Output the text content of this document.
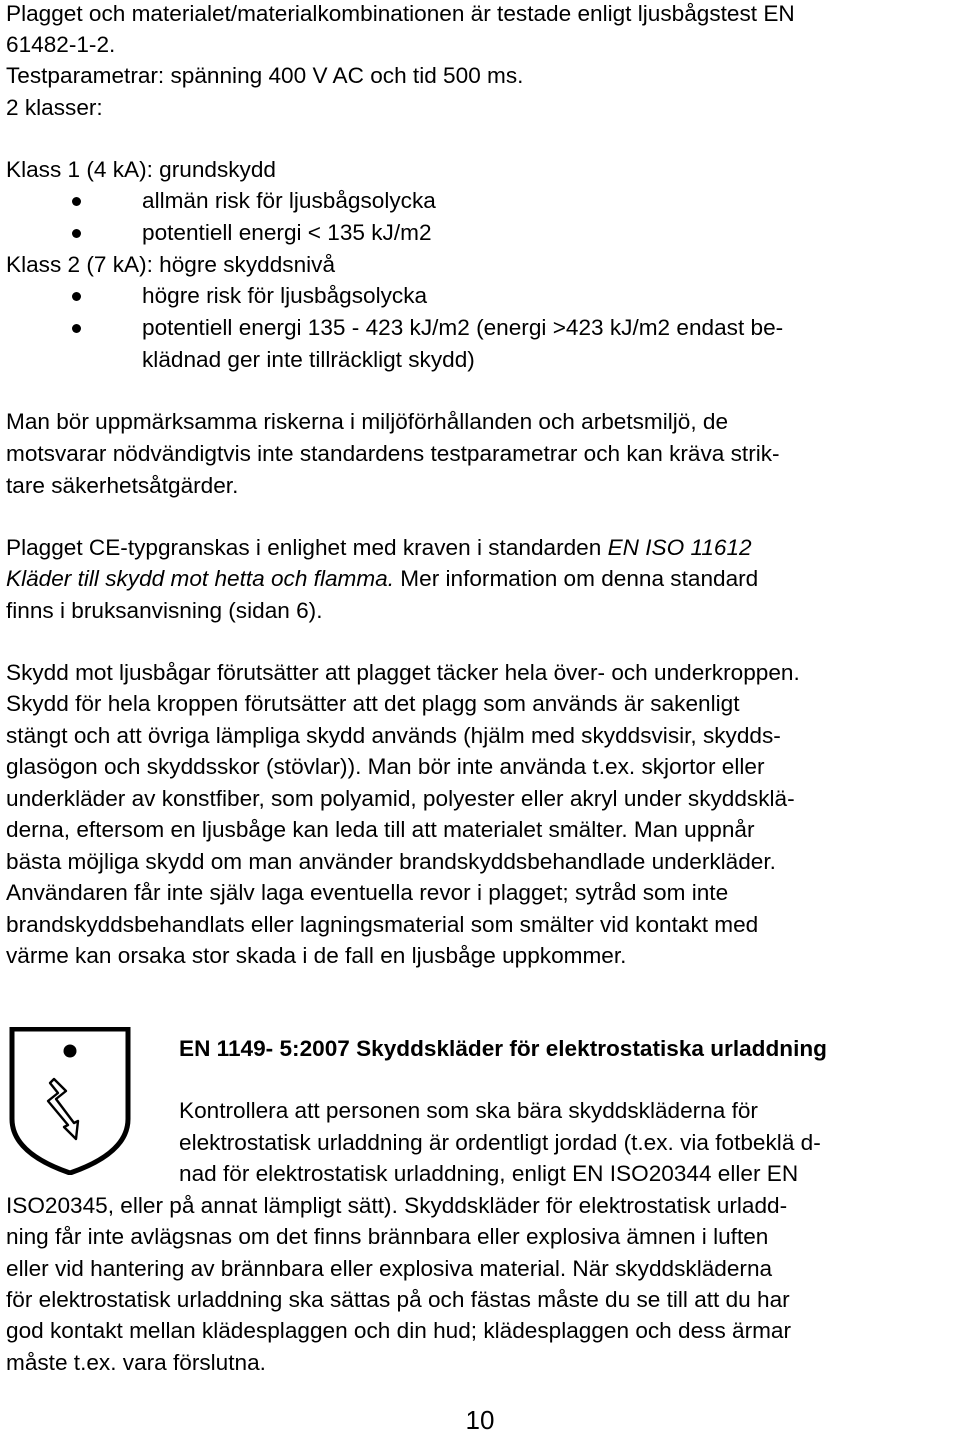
Plagget och materialet/materialkombinationen är testade enligt ljusbågstest EN

61482-1-2.

Testparametrar: spänning 400 V AC och tid 500 ms.

2 klasser:

Klass 1 (4 kA): grundskydd

allmän risk för ljusbågsolycka

potentiell energi < 135 kJ/m2

Klass 2 (7 kA): högre skyddsnivå

högre risk för ljusbågsolycka

potentiell energi 135 - 423 kJ/m2 (energi >423 kJ/m2 endast be-

klädnad ger inte tillräckligt skydd)

Man bör uppmärksamma riskerna i miljöförhållanden och arbetsmiljö, de

motsvarar nödvändigtvis inte standardens testparametrar och kan kräva strik-

tare säkerhetsåtgärder.

Plagget CE-typgranskas i enlighet med kraven i standarden EN ISO 11612

Kläder till skydd mot hetta och flamma. Mer information om denna standard

finns i bruksanvisning (sidan 6).

Skydd mot ljusbågar förutsätter att plagget täcker hela över- och underkroppen.

Skydd för hela kroppen förutsätter att det plagg som används är sakenligt

stängt och att övriga lämpliga skydd används (hjälm med skyddsvisir, skydds-

glasögon och skyddsskor (stövlar)). Man bör inte använda t.ex. skjortor eller

underkläder av konstfiber, som polyamid, polyester eller akryl under skyddsklä-

derna, eftersom en ljusbåge kan leda till att materialet smälter. Man uppnår

bästa möjliga skydd om man använder brandskyddsbehandlade underkläder.

Användaren får inte själv laga eventuella revor i plagget; sytråd som inte

brandskyddsbehandlats eller lagningsmaterial som smälter vid kontakt med

värme kan orsaka stor skada i de fall en ljusbåge uppkommer.

EN 1149- 5:2007 Skyddskläder för elektrostatiska urladdning

Kontrollera att personen som ska bära skyddskläderna för

elektrostatisk urladdning är ordentligt jordad (t.ex. via fotbeklä d-

nad för elektrostatisk urladdning, enligt EN ISO20344 eller EN

ISO20345, eller på annat lämpligt sätt). Skyddskläder för elektrostatisk urladd-

ning får inte avlägsnas om det finns brännbara eller explosiva ämnen i luften

eller vid hantering av brännbara eller explosiva material. När skyddskläderna

för elektrostatisk urladdning ska sättas på och fästas måste du se till att du har

god kontakt mellan klädesplaggen och din hud; klädesplaggen och dess ärmar

måste t.ex. vara förslutna.

10
